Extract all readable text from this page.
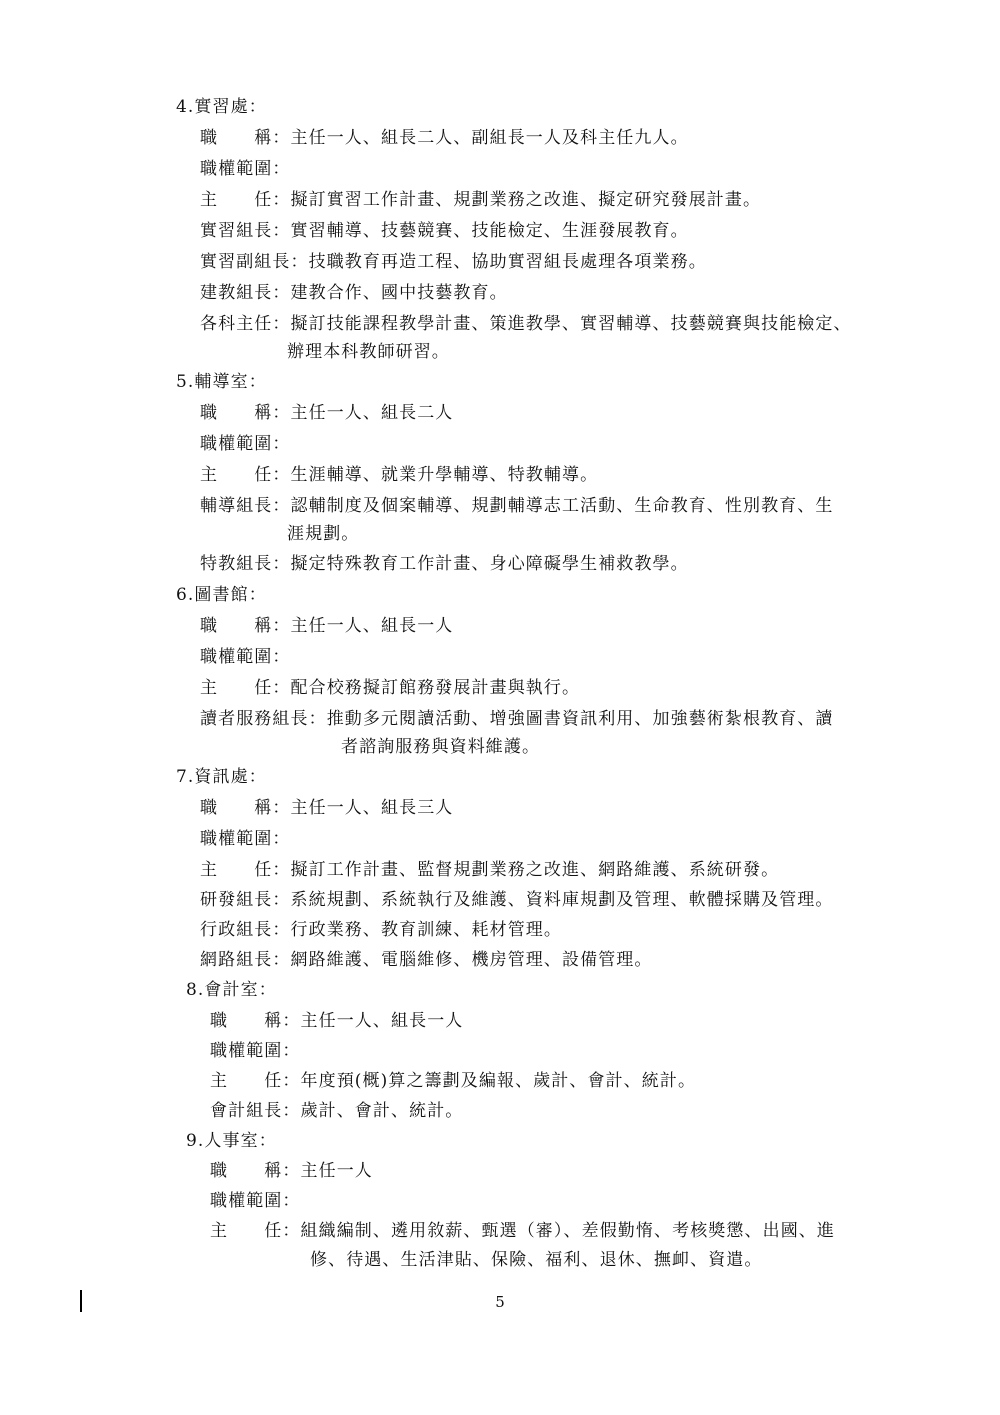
4.實習處：

職　　稱：主任一人、組長二人、副組長一人及科主任九人。

職權範圍：

主　　任：擬訂實習工作計畫、規劃業務之改進、擬定研究發展計畫。

實習組長：實習輔導、技藝競賽、技能檢定、生涯發展教育。

實習副組長：技職教育再造工程、協助實習組長處理各項業務。

建教組長：建教合作、國中技藝教育。

各科主任：擬訂技能課程教學計畫、策進教學、實習輔導、技藝競賽與技能檢定、

辦理本科教師研習。

5.輔導室：

職　　稱：主任一人、組長二人

職權範圍：

主　　任：生涯輔導、就業升學輔導、特教輔導。

輔導組長：認輔制度及個案輔導、規劃輔導志工活動、生命教育、性別教育、生

涯規劃。

特教組長：擬定特殊教育工作計畫、身心障礙學生補救教學。

6.圖書館：

職　　稱：主任一人、組長一人

職權範圍：

主　　任：配合校務擬訂館務發展計畫與執行。

讀者服務組長：推動多元閱讀活動、增強圖書資訊利用、加強藝術紮根教育、讀

者諮詢服務與資料維護。

7.資訊處：

職　　稱：主任一人、組長三人

職權範圍：

主　　任：擬訂工作計畫、監督規劃業務之改進、網路維護、系統研發。

研發組長：系統規劃、系統執行及維護、資料庫規劃及管理、軟體採購及管理。

行政組長：行政業務、教育訓練、耗材管理。

網路組長：網路維護、電腦維修、機房管理、設備管理。

8.會計室：

職　　稱：主任一人、組長一人

職權範圍：

主　　任：年度預(概)算之籌劃及編報、歲計、會計、統計。

會計組長：歲計、會計、統計。

9.人事室：

職　　稱：主任一人

職權範圍：

主　　任：組織編制、遴用敘薪、甄選（審）、差假勤惰、考核獎懲、出國、進

修、待遇、生活津貼、保險、福利、退休、撫卹、資遣。

5
